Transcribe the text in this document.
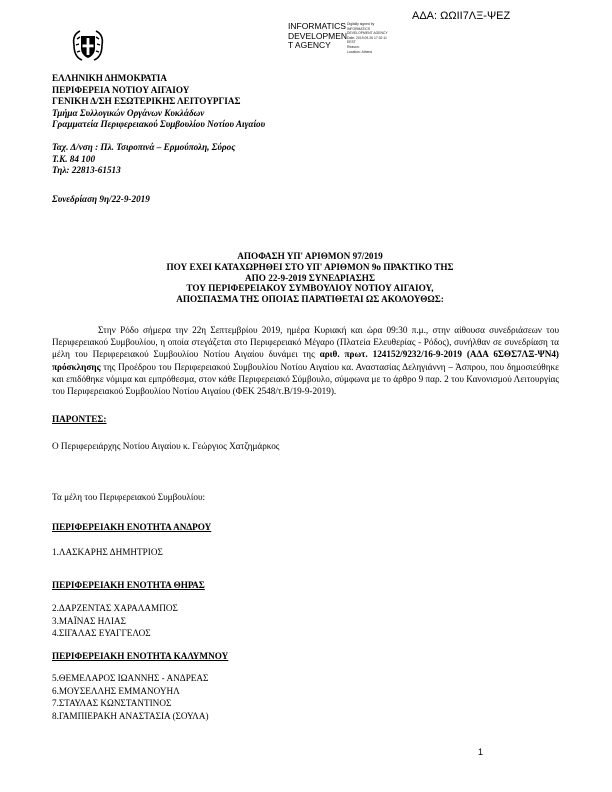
ΑΔΑ: ΩΩΙΙ7ΛΞ-ΨΕΖ
INFORMATICS
DEVELOPMEN
T AGENCY
Digitally signed by
INFORMATICS
DEVELOPMENT AGENCY
Date: 2019.09.26 17:32:11
EEST
Reason:
Location: Athens
ΕΛΛΗΝΙΚΗ ΔΗΜΟΚΡΑΤΙΑ
ΠΕΡΙΦΕΡΕΙΑ ΝΟΤΙΟΥ ΑΙΓΑΙΟΥ
ΓΕΝΙΚΗ Δ/ΣΗ ΕΣΩΤΕΡΙΚΗΣ ΛΕΙΤΟΥΡΓΙΑΣ
Τμήμα Συλλογικών Οργάνων Κυκλάδων
Γραμματεία Περιφερειακού Συμβουλίου Νοτίου Αιγαίου
Ταχ. Δ/νση : Πλ. Τσιροπινά – Ερμούπολη, Σύρος
Τ.Κ. 84 100
Τηλ: 22813-61513
Συνεδρίαση 9η/22-9-2019
ΑΠΟΦΑΣΗ ΥΠ' ΑΡΙΘΜΟΝ 97/2019
ΠΟΥ ΕΧΕΙ ΚΑΤΑΧΩΡΗΘΕΙ ΣΤΟ ΥΠ' ΑΡΙΘΜΟΝ 9ο ΠΡΑΚΤΙΚΟ ΤΗΣ
ΑΠΟ 22-9-2019 ΣΥΝΕΔΡΙΑΣΗΣ
ΤΟΥ ΠΕΡΙΦΕΡΕΙΑΚΟΥ ΣΥΜΒΟΥΛΙΟΥ ΝΟΤΙΟΥ ΑΙΓΑΙΟΥ,
ΑΠΟΣΠΑΣΜΑ ΤΗΣ ΟΠΟΙΑΣ ΠΑΡΑΤΙΘΕΤΑΙ ΩΣ ΑΚΟΛΟΥΘΩΣ:
Στην Ρόδο σήμερα την 22η Σεπτεμβρίου 2019, ημέρα Κυριακή και ώρα 09:30 π.μ., στην αίθουσα συνεδριάσεων του Περιφερειακού Συμβουλίου, η οποία στεγάζεται στο Περιφερειακό Μέγαρο (Πλατεία Ελευθερίας - Ρόδος), συνήλθαν σε συνεδρίαση τα μέλη του Περιφερειακού Συμβουλίου Νοτίου Αιγαίου δυνάμει της αριθ. πρωτ. 124152/9232/16-9-2019 (ΑΔΑ 6ΣΘΣ7ΛΞ-ΨΝ4) πρόσκλησης της Προέδρου του Περιφερειακού Συμβουλίου Νοτίου Αιγαίου κα. Αναστασίας Δεληγιάννη – Άσπρου, που δημοσιεύθηκε και επιδόθηκε νόμιμα και εμπρόθεσμα, στον κάθε Περιφερειακό Σύμβουλο, σύμφωνα με το άρθρο 9 παρ. 2 του Κανονισμού Λειτουργίας του Περιφερειακού Συμβουλίου Νοτίου Αιγαίου (ΦΕΚ 2548/τ.Β/19-9-2019).
ΠΑΡΟΝΤΕΣ:
Ο Περιφερειάρχης Νοτίου Αιγαίου κ. Γεώργιος Χατζημάρκος
Τα μέλη του Περιφερειακού Συμβουλίου:
ΠΕΡΙΦΕΡΕΙΑΚΗ ΕΝΟΤΗΤΑ ΑΝΔΡΟΥ
1.ΛΑΣΚΑΡΗΣ ΔΗΜΗΤΡΙΟΣ
ΠΕΡΙΦΕΡΕΙΑΚΗ ΕΝΟΤΗΤΑ ΘΗΡΑΣ
2.ΔΑΡΖΕΝΤΑΣ ΧΑΡΑΛΑΜΠΟΣ
3.ΜΑΪΝΑΣ ΗΛΙΑΣ
4.ΣΙΓΑΛΑΣ ΕΥΑΓΓΕΛΟΣ
ΠΕΡΙΦΕΡΕΙΑΚΗ ΕΝΟΤΗΤΑ ΚΑΛΥΜΝΟΥ
5.ΘΕΜΕΛΑΡΟΣ ΙΩΑΝΝΗΣ - ΑΝΔΡΕΑΣ
6.ΜΟΥΣΕΛΛΗΣ ΕΜΜΑΝΟΥΗΛ
7.ΣΤΑΥΛΑΣ ΚΩΝΣΤΑΝΤΙΝΟΣ
8.ΓΑΜΠΙΕΡΑΚΗ ΑΝΑΣΤΑΣΙΑ (ΣΟΥΛΑ)
1
